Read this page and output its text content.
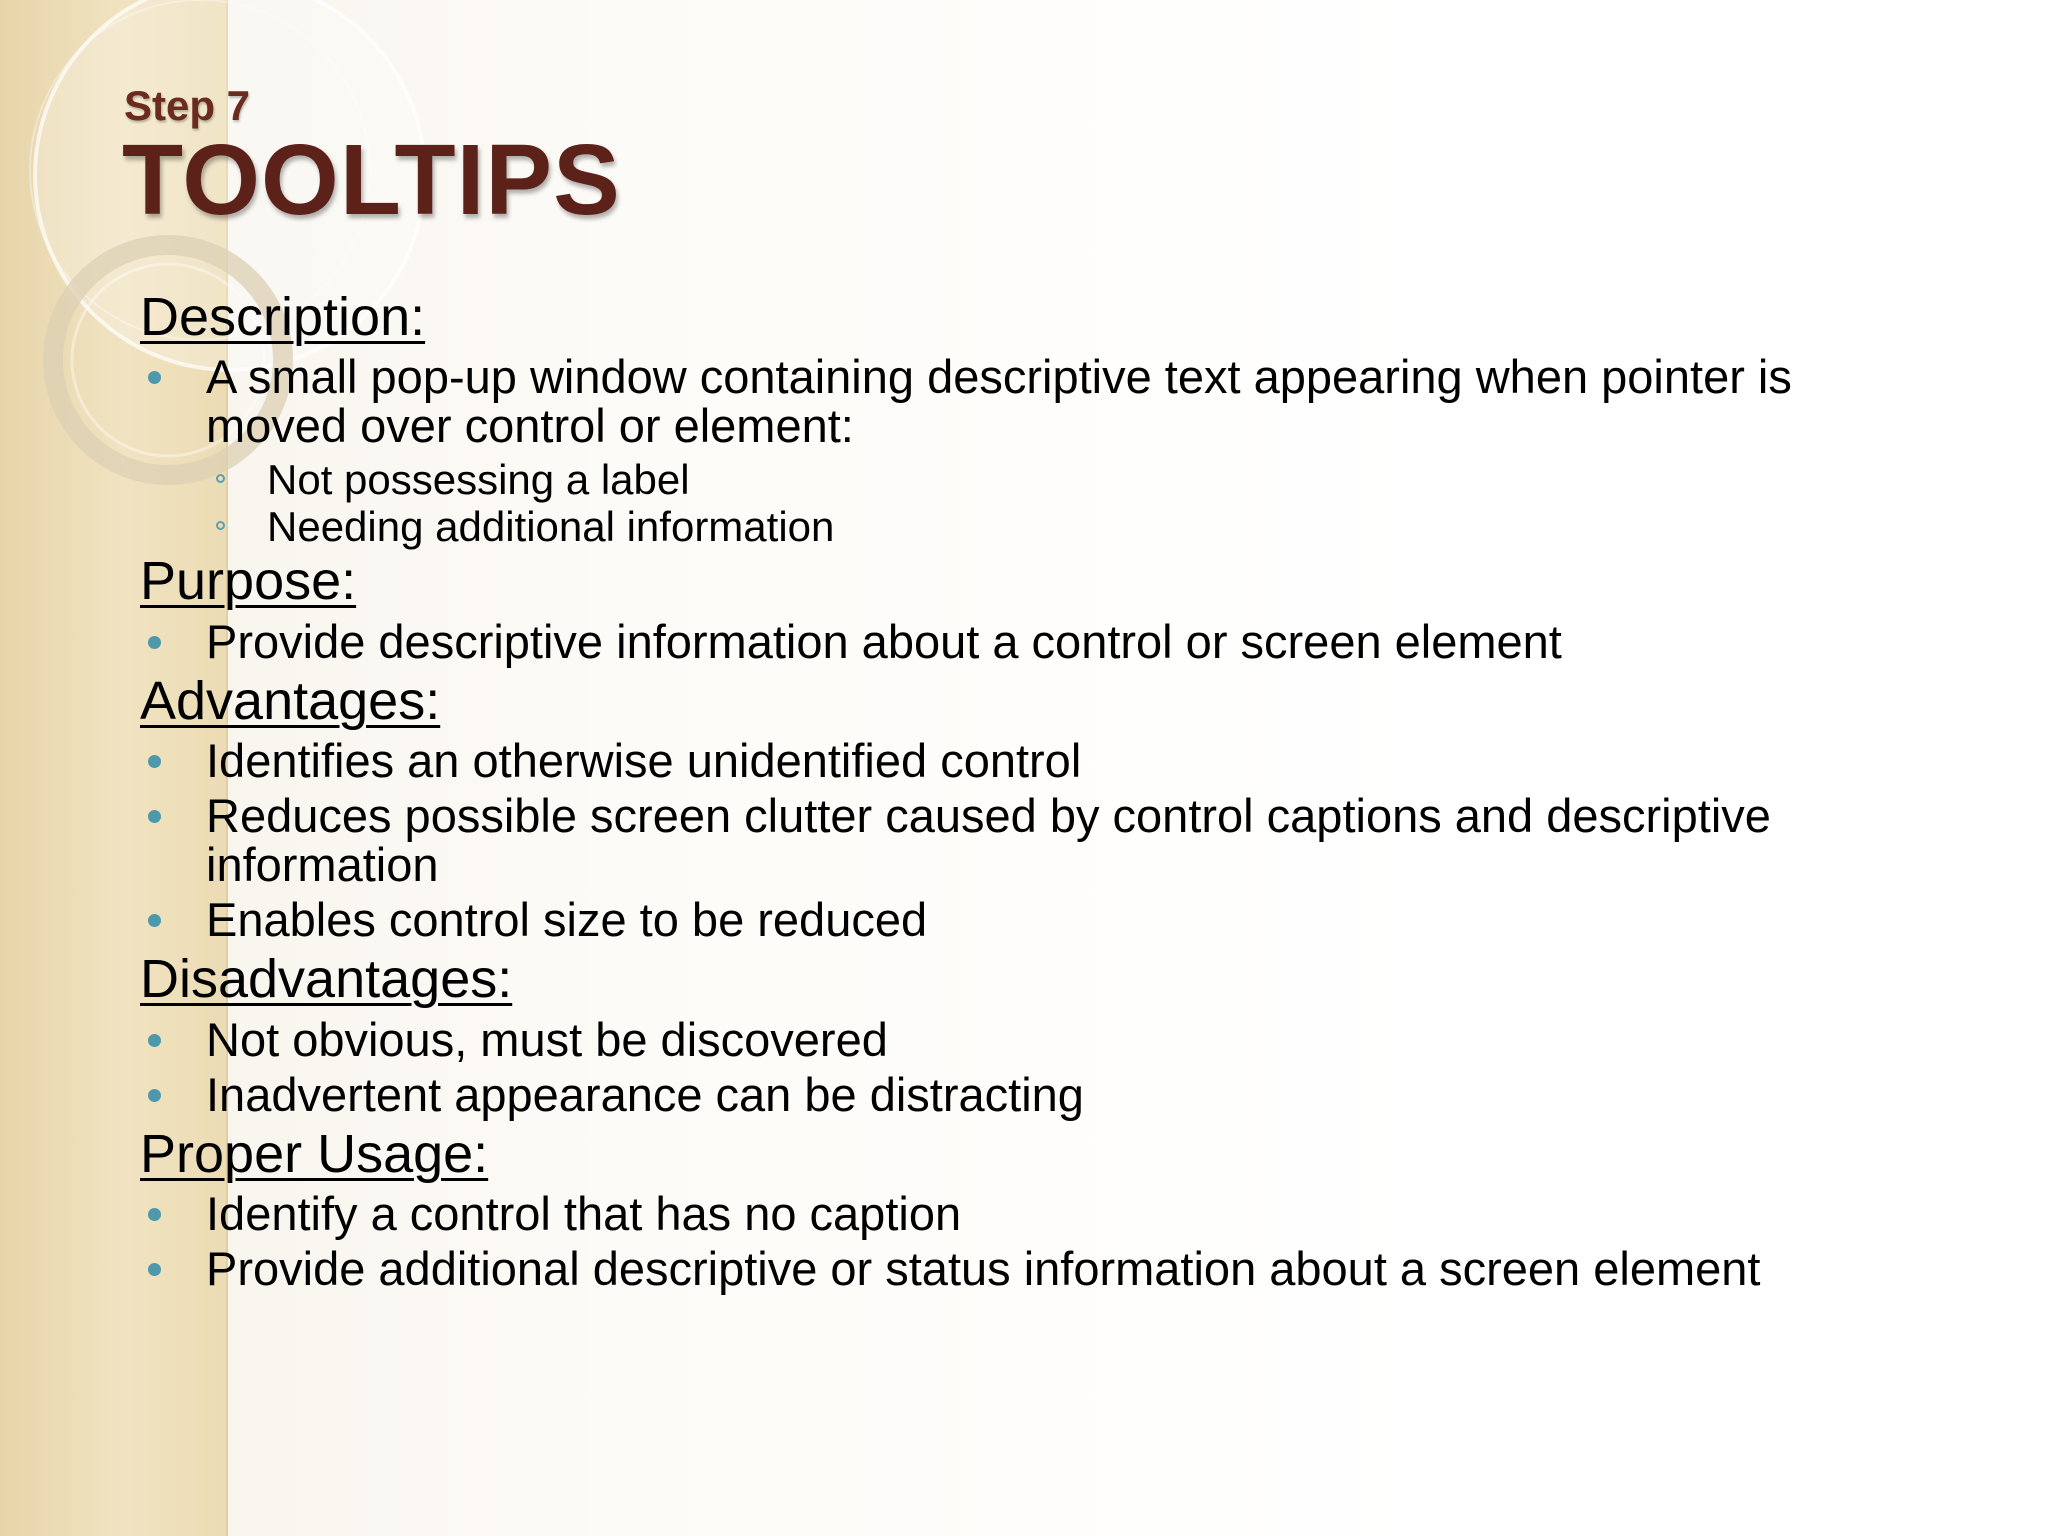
Step 7
TOOLTIPS
Description:
A small pop-up window containing descriptive text appearing when pointer is moved over control or element:
Not possessing a label
Needing additional information
Purpose:
Provide descriptive information about a control or screen element
Advantages:
Identifies an otherwise unidentified control
Reduces possible screen clutter caused by control captions and descriptive information
Enables control size to be reduced
Disadvantages:
Not obvious, must be discovered
Inadvertent appearance can be distracting
Proper Usage:
Identify a control that has no caption
Provide additional descriptive or status information about a screen element
